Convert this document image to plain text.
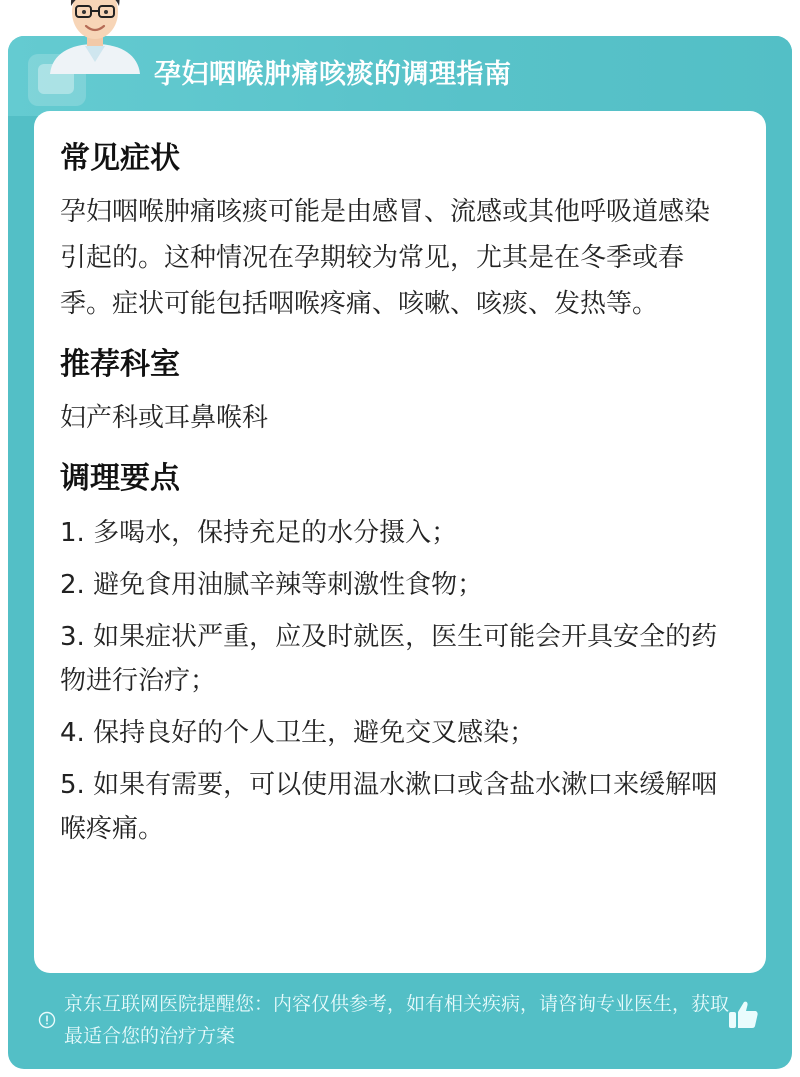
孕妇咽喉肿痛咳痰的调理指南
常见症状

孕妇咽喉肿痛咳痰可能是由感冒、流感或其他呼吸道感染引起的。这种情况在孕期较为常见，尤其是在冬季或春季。症状可能包括咽喉疼痛、咳嗽、咳痰、发热等。

推荐科室

妇产科或耳鼻喉科

调理要点

1. 多喝水，保持充足的水分摄入；

2. 避免食用油腻辛辣等刺激性食物；

3. 如果症状严重，应及时就医，医生可能会开具安全的药物进行治疗；

4. 保持良好的个人卫生，避免交叉感染；

5. 如果有需要，可以使用温水漱口或含盐水漱口来缓解咽喉疼痛。

京东互联网医院提醒您：内容仅供参考，如有相关疾病，请咨询专业医生，获取最适合您的治疗方案
